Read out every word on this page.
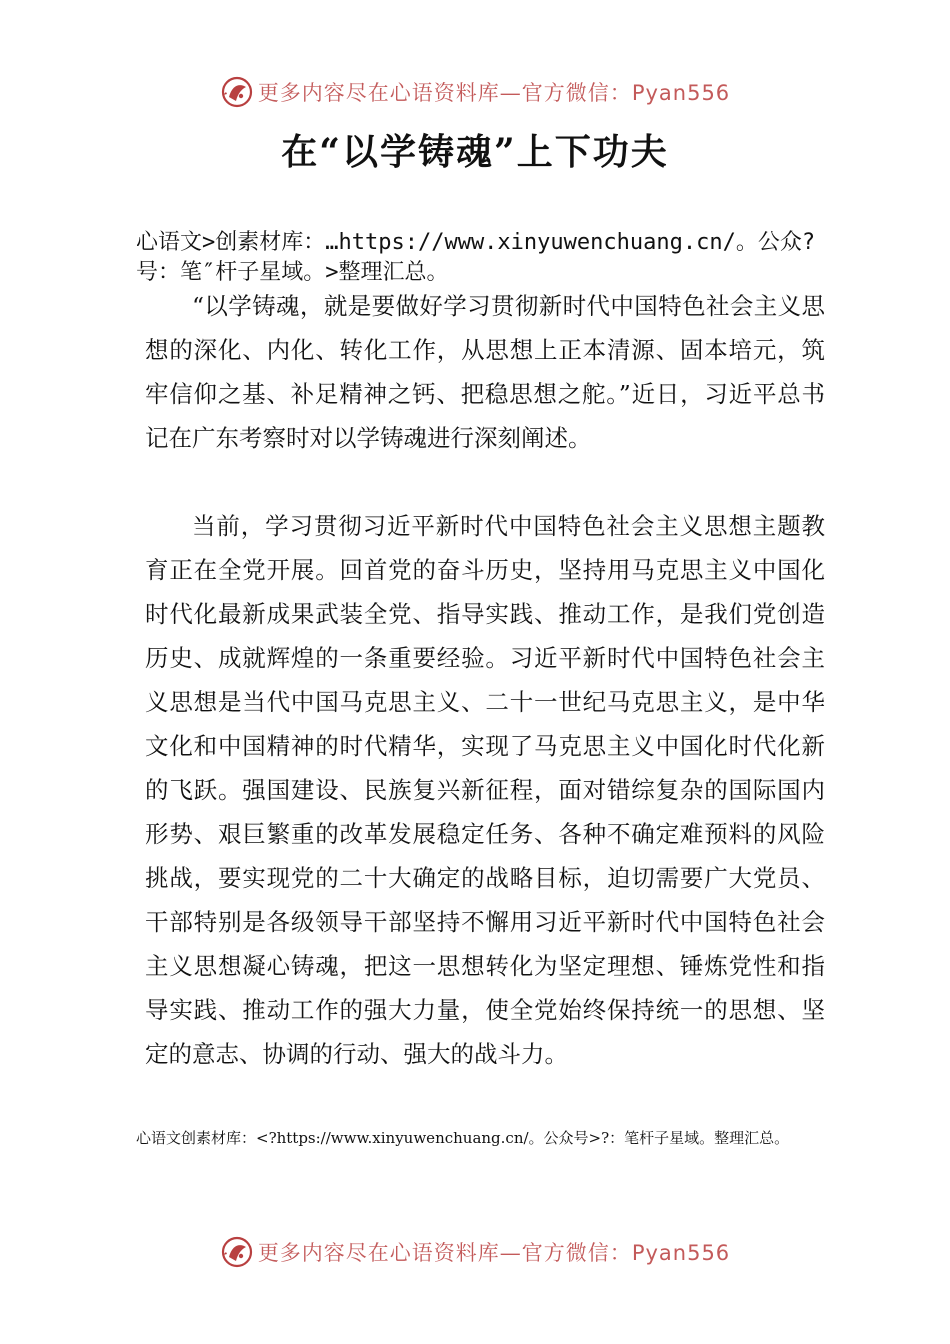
更多内容尽在心语资料库—官方微信：Pyan556
在“以学铸魂”上下功夫
心语文>创素材库：…https://www.xinyuwenchuang.cn/。公众?号：笔″杆子星域。>整理汇总。

“以学铸魂，就是要做好学习贯彻新时代中国特色社会主义思想的深化、内化、转化工作，从思想上正本清源、固本培元，筑牢信仰之基、补足精神之钙、把稳思想之舵。”近日，习近平总书记在广东考察时对以学铸魂进行深刻阐述。

当前，学习贯彻习近平新时代中国特色社会主义思想主题教育正在全党开展。回首党的奋斗历史，坚持用马克思主义中国化时代化最新成果武装全党、指导实践、推动工作，是我们党创造历史、成就辉煌的一条重要经验。习近平新时代中国特色社会主义思想是当代中国马克思主义、二十一世纪马克思主义，是中华文化和中国精神的时代精华，实现了马克思主义中国化时代化新的飞跃。强国建设、民族复兴新征程，面对错综复杂的国际国内形势、艰巨繁重的改革发展稳定任务、各种不确定难预料的风险挑战，要实现党的二十大确定的战略目标，迫切需要广大党员、干部特别是各级领导干部坚持不懈用习近平新时代中国特色社会主义思想凝心铸魂，把这一思想转化为坚定理想、锤炼党性和指导实践、推动工作的强大力量，使全党始终保持统一的思想、坚定的意志、协调的行动、强大的战斗力。

心语文创素材库：<?https://www.xinyuwenchuang.cn/。公众号>?：笔杆子星域。整理汇总。
更多内容尽在心语资料库—官方微信：Pyan556
